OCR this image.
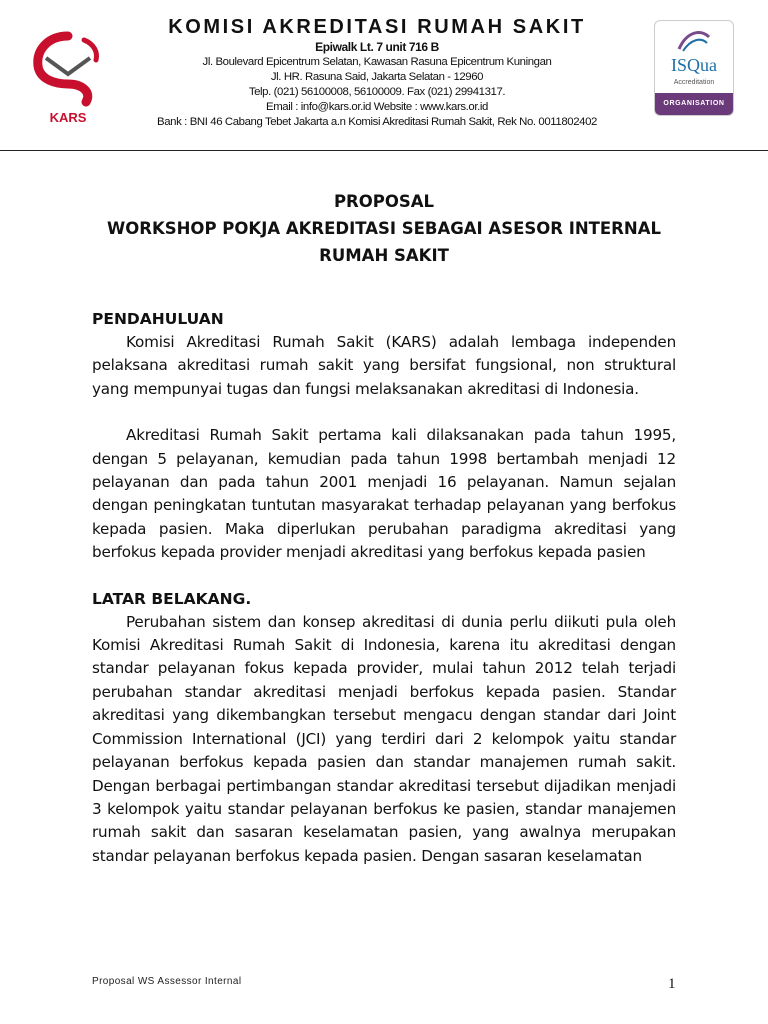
KARS

KOMISI AKREDITASI RUMAH SAKIT

Epiwalk Lt. 7 unit 716 B

Jl. Boulevard Epicentrum Selatan, Kawasan Rasuna Epicentrum Kuningan

Jl. HR. Rasuna Said, Jakarta Selatan - 12960

Telp. (021) 56100008, 56100009. Fax (021) 29941317.

Email : info@kars.or.id Website : www.kars.or.id

Bank : BNI 46 Cabang Tebet Jakarta a.n Komisi Akreditasi Rumah Sakit, Rek No. 0011802402

ISQua
Accreditation
ORGANISATION

PROPOSAL

WORKSHOP POKJA AKREDITASI SEBAGAI ASESOR INTERNAL

RUMAH SAKIT

PENDAHULUAN

Komisi Akreditasi Rumah Sakit (KARS) adalah lembaga independen pelaksana akreditasi rumah sakit yang bersifat fungsional, non struktural yang mempunyai tugas dan fungsi melaksanakan akreditasi di Indonesia.

Akreditasi Rumah Sakit pertama kali dilaksanakan pada tahun 1995, dengan 5 pelayanan, kemudian pada tahun 1998 bertambah menjadi 12 pelayanan dan pada tahun 2001 menjadi 16 pelayanan. Namun sejalan dengan peningkatan tuntutan masyarakat terhadap pelayanan yang berfokus kepada pasien. Maka diperlukan perubahan paradigma akreditasi yang berfokus kepada provider menjadi akreditasi yang berfokus kepada pasien

LATAR BELAKANG.

Perubahan sistem dan konsep akreditasi di dunia perlu diikuti pula oleh Komisi Akreditasi Rumah Sakit di Indonesia, karena itu akreditasi dengan standar pelayanan fokus kepada provider, mulai tahun 2012 telah terjadi perubahan standar akreditasi menjadi berfokus kepada pasien. Standar akreditasi yang dikembangkan tersebut mengacu dengan standar dari Joint Commission International (JCI) yang terdiri dari 2 kelompok yaitu standar pelayanan berfokus kepada pasien dan standar manajemen rumah sakit. Dengan berbagai pertimbangan standar akreditasi tersebut dijadikan menjadi 3 kelompok yaitu standar pelayanan berfokus ke pasien, standar manajemen rumah sakit dan sasaran keselamatan pasien, yang awalnya merupakan standar pelayanan berfokus kepada pasien. Dengan sasaran keselamatan

Proposal WS Assessor Internal	1
